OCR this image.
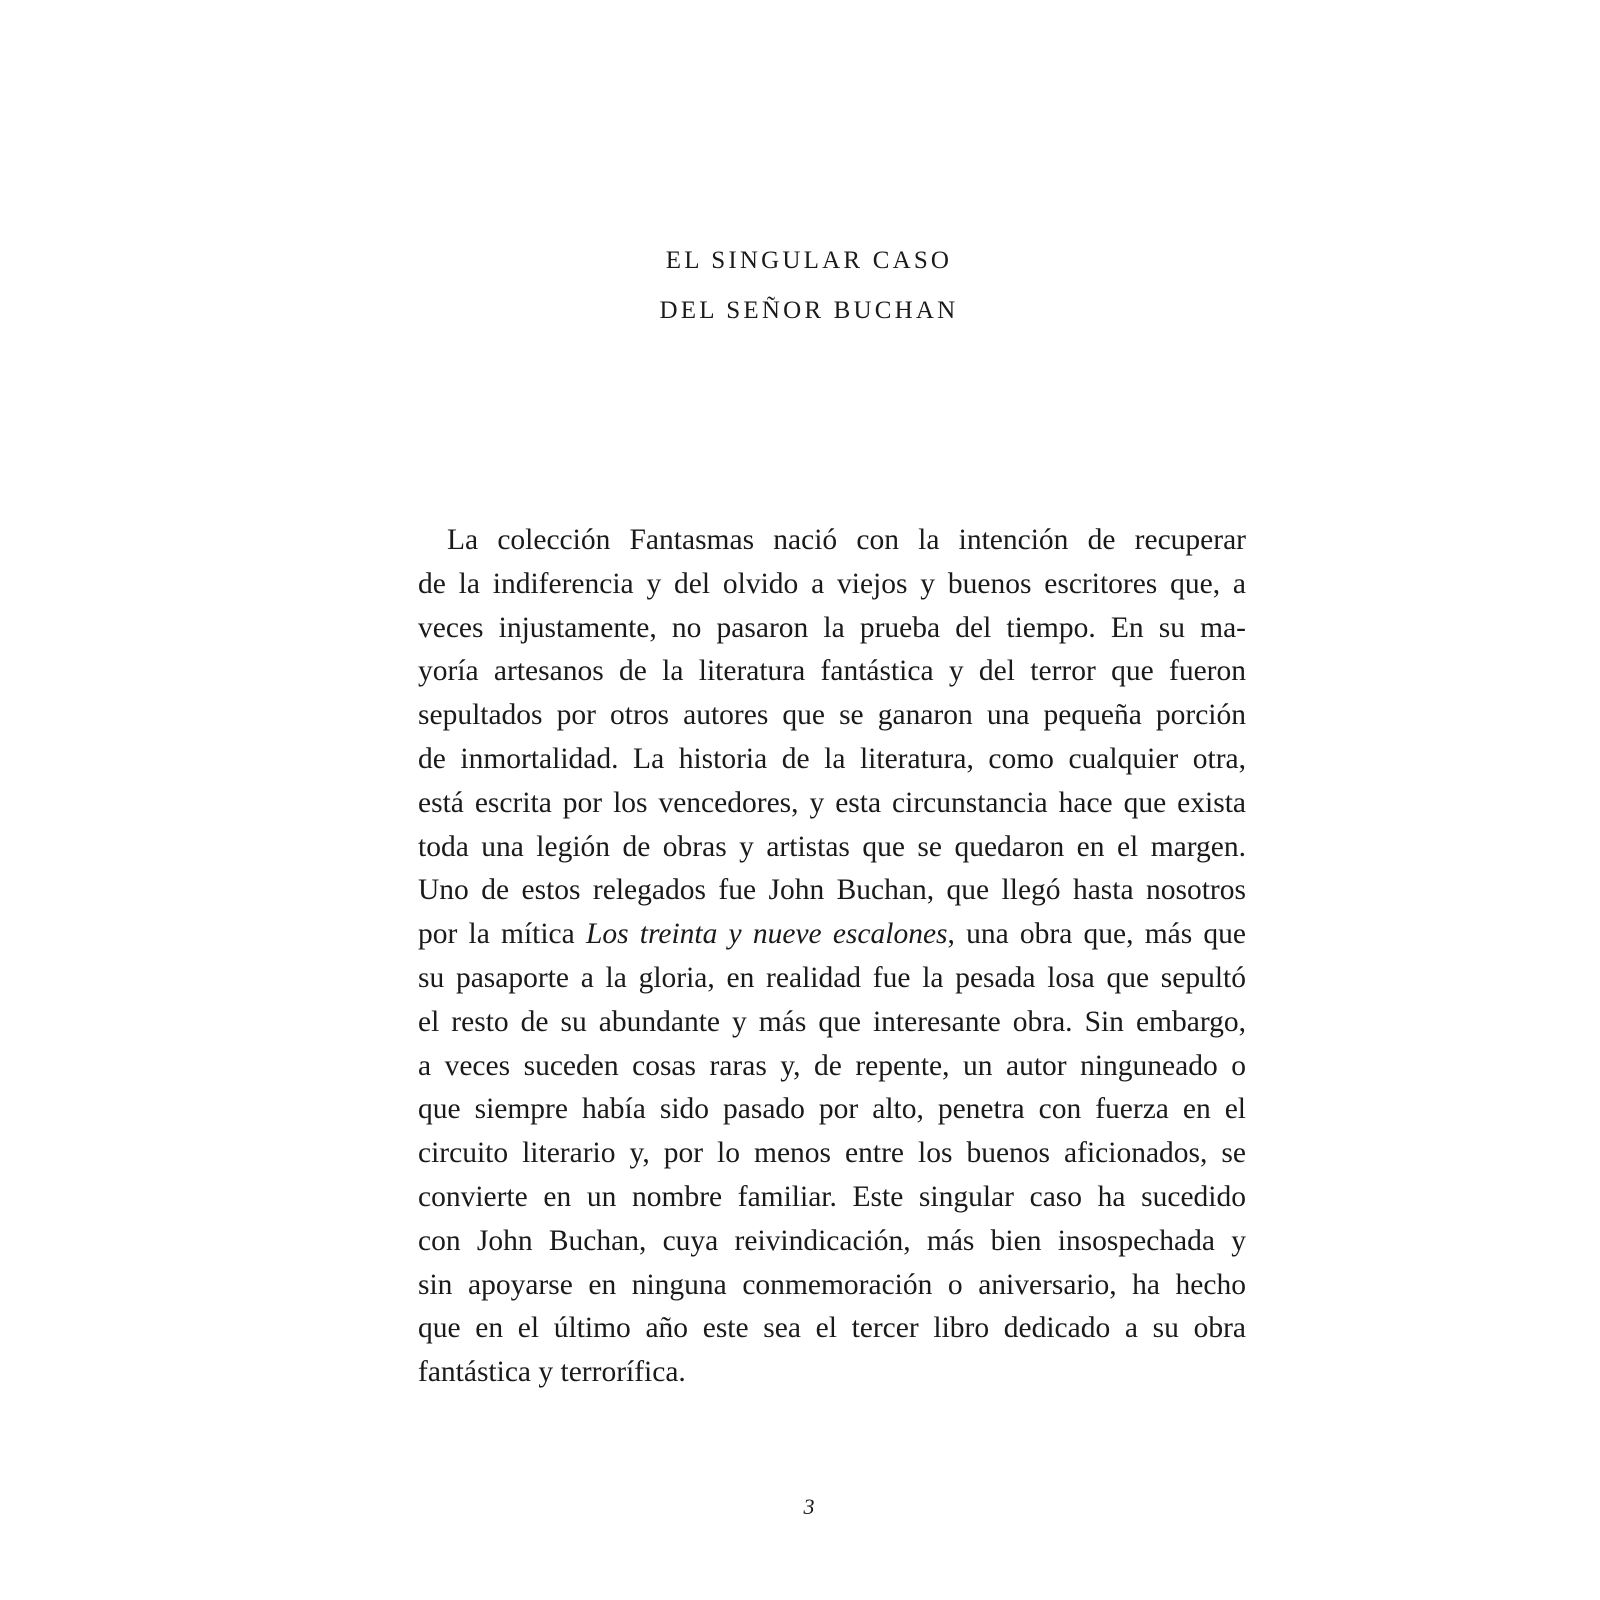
EL SINGULAR CASO
DEL SEÑOR BUCHAN
La colección Fantasmas nació con la intención de recuperar
de la indiferencia y del olvido a viejos y buenos escritores que, a
veces injustamente, no pasaron la prueba del tiempo. En su ma-
yoría artesanos de la literatura fantástica y del terror que fueron
sepultados por otros autores que se ganaron una pequeña porción
de inmortalidad. La historia de la literatura, como cualquier otra,
está escrita por los vencedores, y esta circunstancia hace que exista
toda una legión de obras y artistas que se quedaron en el margen.
Uno de estos relegados fue John Buchan, que llegó hasta nosotros
por la mítica Los treinta y nueve escalones, una obra que, más que
su pasaporte a la gloria, en realidad fue la pesada losa que sepultó
el resto de su abundante y más que interesante obra. Sin embargo,
a veces suceden cosas raras y, de repente, un autor ninguneado o
que siempre había sido pasado por alto, penetra con fuerza en el
circuito literario y, por lo menos entre los buenos aficionados, se
convierte en un nombre familiar. Este singular caso ha sucedido
con John Buchan, cuya reivindicación, más bien insospechada y
sin apoyarse en ninguna conmemoración o aniversario, ha hecho
que en el último año este sea el tercer libro dedicado a su obra
fantástica y terrorífica.
3
